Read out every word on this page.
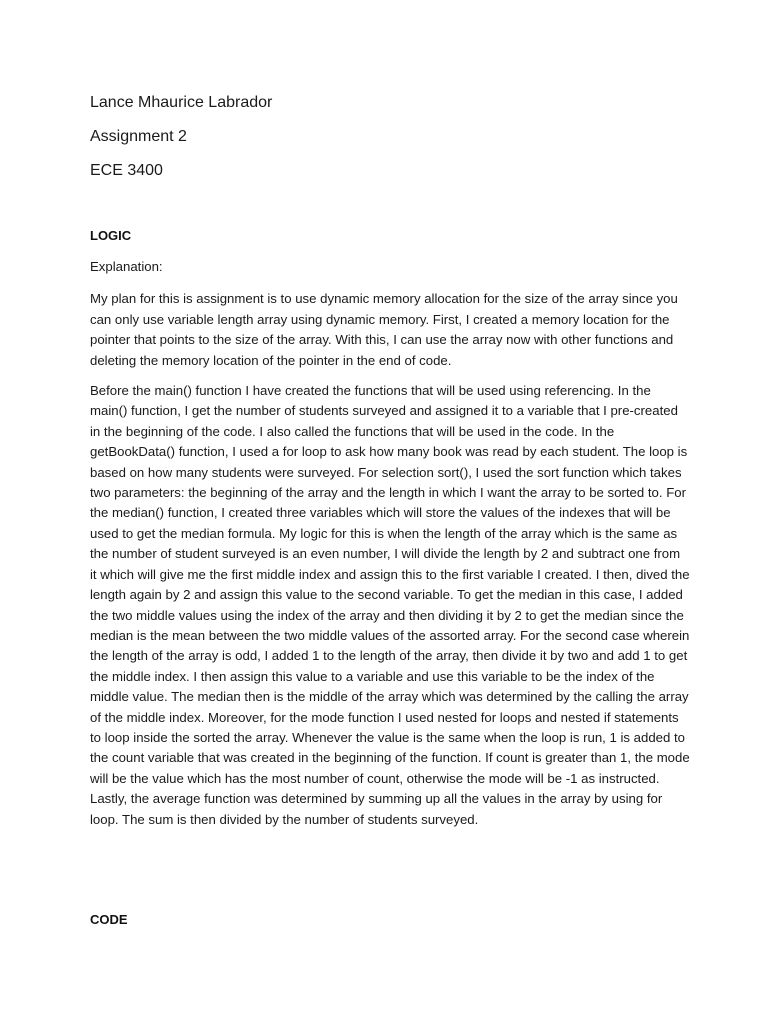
Lance Mhaurice Labrador
Assignment 2
ECE 3400
LOGIC
Explanation:

My plan for this is assignment is to use dynamic memory allocation for the size of the array since you can only use variable length array using dynamic memory. First, I created a memory location for the pointer that points to the size of the array. With this, I can use the array now with other functions and deleting the memory location of the pointer in the end of code.

Before the main() function I have created the functions that will be used using referencing. In the main() function, I get the number of students surveyed and assigned it to a variable that I pre-created in the beginning of the code. I also called the functions that will be used in the code. In the getBookData() function, I used a for loop to ask how many book was read by each student. The loop is based on how many students were surveyed. For selection sort(), I used the sort function which takes two parameters: the beginning of the array and the length in which I want the array to be sorted to. For the median() function, I created three variables which will store the values of the indexes that will be used to get the median formula. My logic for this is when the length of the array which is the same as the number of student surveyed is an even number, I will divide the length by 2 and subtract one from it which will give me the first middle index and assign this to the first variable I created. I then, dived the length again by 2 and assign this value to the second variable. To get the median in this case, I added the two middle values using the index of the array and then dividing it by 2 to get the median since the median is the mean between the two middle values of the assorted array. For the second case wherein the length of the array is odd, I added 1 to the length of the array, then divide it by two and add 1 to get the middle index. I then assign this value to a variable and use this variable to be the index of the middle value. The median then is the middle of the array which was determined by the calling the array of the middle index. Moreover, for the mode function I used nested for loops and nested if statements to loop inside the sorted the array. Whenever the value is the same when the loop is run, 1 is added to the count variable that was created in the beginning of the function. If count is greater than 1, the mode will be the value which has the most number of count, otherwise the mode will be -1 as instructed. Lastly, the average function was determined by summing up all the values in the array by using for loop. The sum is then divided by the number of students surveyed.

CODE
